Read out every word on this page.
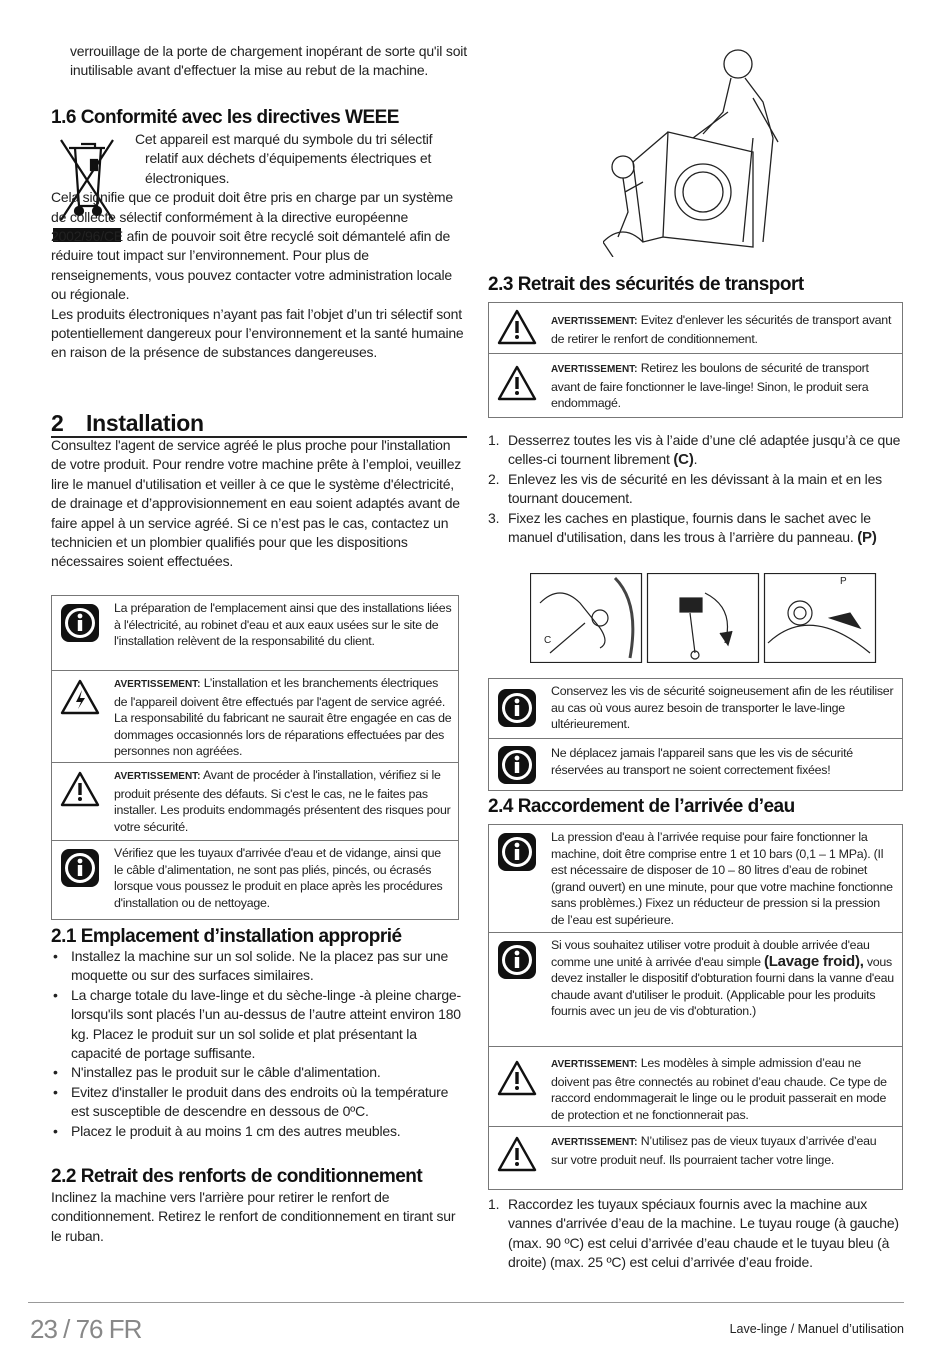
verrouillage de la porte de chargement inopérant de sorte qu'il soit inutilisable avant d'effectuer la mise au rebut de la machine.

1.6 Conformité avec les directives WEEE

Cet appareil est marqué du symbole du tri sélectif relatif aux déchets d’équipements électriques et électroniques.

Cela signifie que ce produit doit être pris en charge par un système de collecte sélectif conformément à la directive européenne 2002/96/CE afin de pouvoir soit être recyclé soit démantelé afin de réduire tout impact sur l’environnement. Pour plus de renseignements, vous pouvez contacter votre administration locale ou régionale.

Les produits électroniques n’ayant pas fait l’objet d’un tri sélectif sont potentiellement dangereux pour l’environnement et la santé humaine en raison de la présence de substances dangereuses.

2 Installation

Consultez l'agent de service agréé le plus proche pour l'installation de votre produit. Pour rendre votre machine prête à l’emploi, veuillez lire le manuel d'utilisation et veiller à ce que le système d'électricité, de drainage et d’approvisionnement en eau soient adaptés avant de faire appel à un service agréé. Si ce n’est pas le cas, contactez un technicien et un plombier qualifiés pour que les dispositions nécessaires soient effectuées.

La préparation de l'emplacement ainsi que des installations liées à l'électricité, au robinet d'eau et aux eaux usées sur le site de l'installation relèvent de la responsabilité du client.
AVERTISSEMENT: L’installation et les branchements électriques de l'appareil doivent être effectués par l'agent de service agréé. La responsabilité du fabricant ne saurait être engagée en cas de dommages occasionnés lors de réparations effectuées par des personnes non agréées.
AVERTISSEMENT: Avant de procéder à l'installation, vérifiez si le produit présente des défauts. Si c'est le cas, ne le faites pas installer. Les produits endommagés présentent des risques pour votre sécurité.
Vérifiez que les tuyaux d'arrivée d'eau et de vidange, ainsi que le câble d’alimentation, ne sont pas pliés, pincés, ou écrasés lorsque vous poussez le produit en place après les procédures d'installation ou de nettoyage.
2.1 Emplacement d’installation approprié
• Installez la machine sur un sol solide. Ne la placez pas sur une moquette ou sur des surfaces similaires.
• La charge totale du lave-linge et du sèche-linge -à pleine charge- lorsqu'ils sont placés l’un au-dessus de l’autre atteint environ 180 kg. Placez le produit sur un sol solide et plat présentant la capacité de portage suffisante.
• N'installez pas le produit sur le câble d'alimentation.
• Evitez d'installer le produit dans des endroits où la température est susceptible de descendre en dessous de 0ºC.
• Placez le produit à au moins 1 cm des autres meubles.
2.2 Retrait des renforts de conditionnement

Inclinez la machine vers l'arrière pour retirer le renfort de conditionnement. Retirez le renfort de conditionnement en tirant sur le ruban.

2.3 Retrait des sécurités de transport
AVERTISSEMENT: Evitez d'enlever les sécurités de transport avant de retirer le renfort de conditionnement.
AVERTISSEMENT: Retirez les boulons de sécurité de transport avant de faire fonctionner le lave-linge! Sinon, le produit sera endommagé.
1. Desserrez toutes les vis à l’aide d’une clé adaptée jusqu’à ce que celles-ci tournent librement (C).
2. Enlevez les vis de sécurité en les dévissant à la main et en les tournant doucement.
3. Fixez les caches en plastique, fournis dans le sachet avec le manuel d'utilisation, dans les trous à l’arrière du panneau. (P)
C
P
Conservez les vis de sécurité soigneusement afin de les réutiliser au cas où vous aurez besoin de transporter le lave-linge ultérieurement.
Ne déplacez jamais l'appareil sans que les vis de sécurité réservées au transport ne soient correctement fixées!
2.4 Raccordement de l’arrivée d’eau
La pression d'eau à l’arrivée requise pour faire fonctionner la machine, doit être comprise entre 1 et 10 bars (0,1 – 1 MPa). (Il est nécessaire de disposer de 10 – 80 litres d’eau de robinet (grand ouvert) en une minute, pour que votre machine fonctionne sans problèmes.) Fixez un réducteur de pression si la pression de l’eau est supérieure.
Si vous souhaitez utiliser votre produit à double arrivée d'eau comme une unité à arrivée d'eau simple (Lavage froid), vous devez installer le dispositif d'obturation fourni dans la vanne d'eau chaude avant d'utiliser le produit. (Applicable pour les produits fournis avec un jeu de vis d'obturation.)
AVERTISSEMENT: Les modèles à simple admission d’eau ne doivent pas être connectés au robinet d’eau chaude. Ce type de raccord endommagerait le linge ou le produit passerait en mode de protection et ne fonctionnerait pas.
AVERTISSEMENT: N’utilisez pas de vieux tuyaux d’arrivée d’eau sur votre produit neuf. Ils pourraient tacher votre linge.
1. Raccordez les tuyaux spéciaux fournis avec la machine aux vannes d'arrivée d’eau de la machine. Le tuyau rouge (à gauche) (max. 90 ºC) est celui d’arrivée d’eau chaude et le tuyau bleu (à droite) (max. 25 ºC) est celui d’arrivée d’eau froide.
23 / 76 FR	Lave-linge / Manuel d’utilisation
